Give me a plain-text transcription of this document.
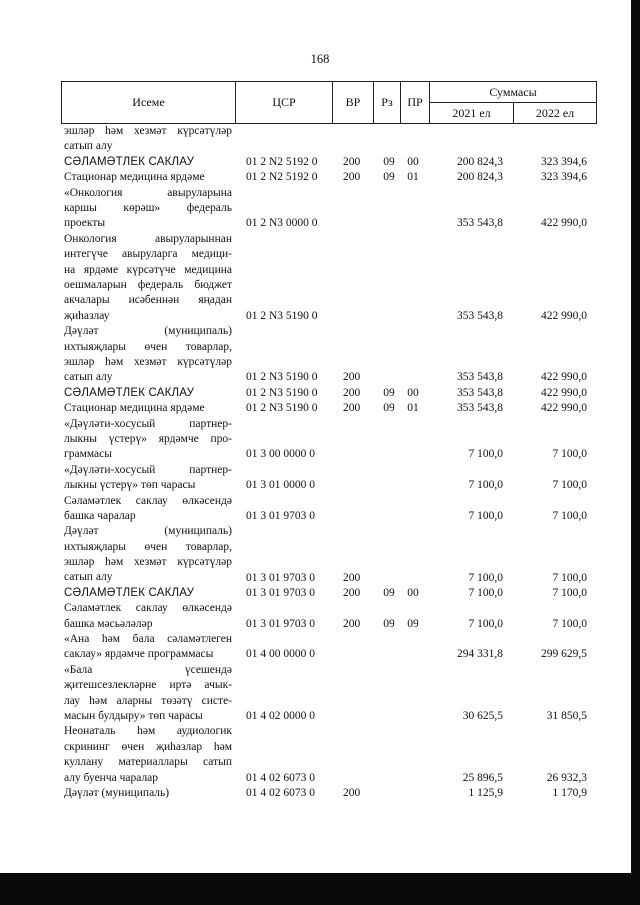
168
Исеме	ЦСР	ВР	Рз	ПР
Суммасы
2021 ел	2022 ел
эшләр һәм хезмәт күрсәтүләр
сатып алу
СӘЛАМӘТЛЕК САКЛАУ	01 2 N2 5192 0	200	09	00	200 824,3	323 394,6
Стационар медицина ярдәме	01 2 N2 5192 0	200	09	01	200 824,3	323 394,6
«Онкология авыруларына
каршы көрәш» федераль
проекты	01 2 N3 0000 0	353 543,8	422 990,0
Онкология авыруларыннан
интегүче авыруларга медици-
на ярдәме күрсәтүче медицина
оешмаларын федераль бюджет
акчалары исәбеннән яңадан
җиһазлау	01 2 N3 5190 0	353 543,8	422 990,0
Дәүләт (муниципаль)
ихтыяҗлары өчен товарлар,
эшләр һәм хезмәт күрсәтүләр
сатып алу	01 2 N3 5190 0	200	353 543,8	422 990,0
СӘЛАМӘТЛЕК САКЛАУ	01 2 N3 5190 0	200	09	00	353 543,8	422 990,0
Стационар медицина ярдәме	01 2 N3 5190 0	200	09	01	353 543,8	422 990,0
«Дәүләти-хосусый партнер-
лыкны үстерү» ярдәмче про-
граммасы	01 3 00 0000 0	7 100,0	7 100,0
«Дәүләти-хосусый партнер-
лыкны үстерү» төп чарасы	01 3 01 0000 0	7 100,0	7 100,0
Сәламәтлек саклау өлкәсендә
башка чаралар	01 3 01 9703 0	7 100,0	7 100,0
Дәүләт (муниципаль)
ихтыяҗлары өчен товарлар,
эшләр һәм хезмәт күрсәтүләр
сатып алу	01 3 01 9703 0	200	7 100,0	7 100,0
СӘЛАМӘТЛЕК САКЛАУ	01 3 01 9703 0	200	09	00	7 100,0	7 100,0
Сәламәтлек саклау өлкәсендә
башка мәсьәләләр	01 3 01 9703 0	200	09	09	7 100,0	7 100,0
«Ана һәм бала сәламәтлеген
саклау» ярдәмче программасы	01 4 00 0000 0	294 331,8	299 629,5
«Бала үсешендә
җитешсезлекләрне иртә ачык-
лау һәм аларны төзәтү систе-
масын булдыру» төп чарасы	01 4 02 0000 0	30 625,5	31 850,5
Неонаталь һәм аудиологик
скрининг өчен җиһазлар һәм
куллану материаллары сатып
алу буенча чаралар	01 4 02 6073 0	25 896,5	26 932,3
Дәүләт (муниципаль)	01 4 02 6073 0	200	1 125,9	1 170,9
